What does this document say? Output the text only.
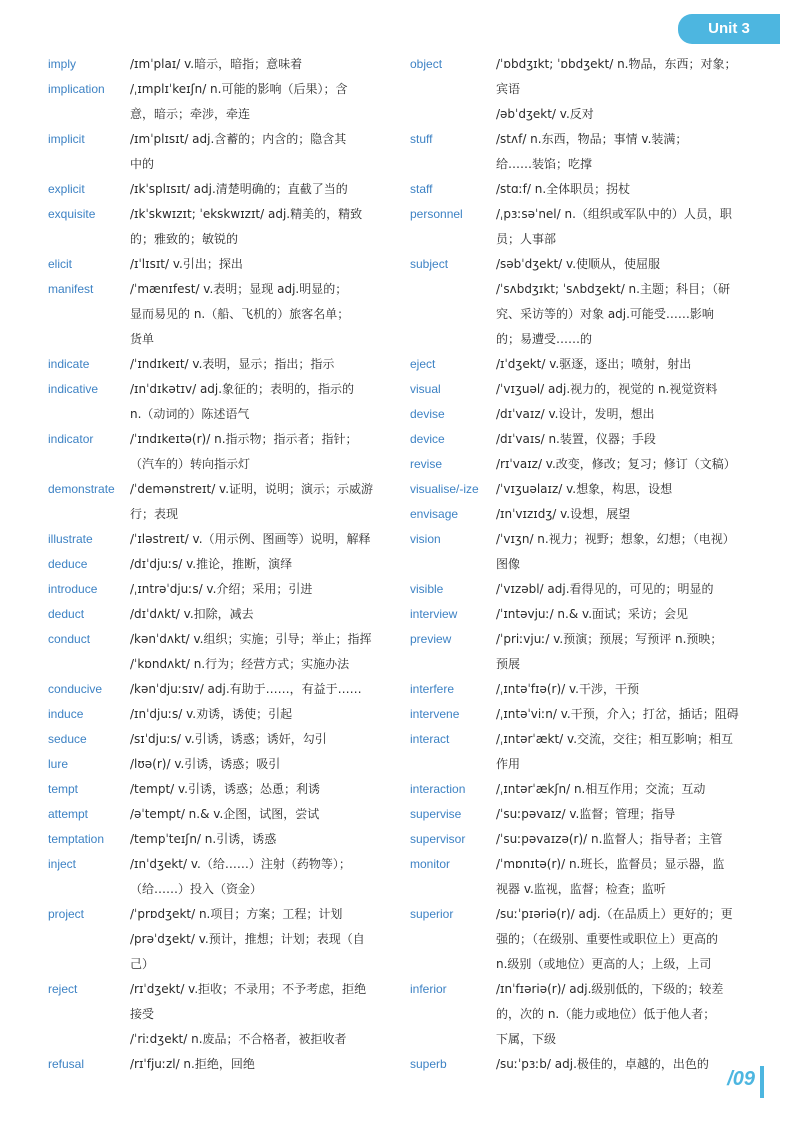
Unit 3
imply	/ɪmˈplaɪ/ v.暗示，暗指；意味着
implication	/ˌɪmplɪˈkeɪʃn/ n.可能的影响（后果）；含
意，暗示；牵涉，牵连
implicit	/ɪmˈplɪsɪt/ adj.含蓄的；内含的；隐含其
中的
explicit	/ɪkˈsplɪsɪt/ adj.清楚明确的；直截了当的
exquisite	/ɪkˈskwɪzɪt; ˈekskwɪzɪt/ adj.精美的，精致
的；雅致的；敏锐的
elicit	/ɪˈlɪsɪt/ v.引出；探出
manifest	/ˈmænɪfest/ v.表明；显现 adj.明显的；
显而易见的 n.（船、飞机的）旅客名单；
货单
indicate	/ˈɪndɪkeɪt/ v.表明，显示；指出；指示
indicative	/ɪnˈdɪkətɪv/ adj.象征的；表明的，指示的
n.（动词的）陈述语气
indicator	/ˈɪndɪkeɪtə(r)/ n.指示物；指示者；指针；
（汽车的）转向指示灯
demonstrate	/ˈdemənstreɪt/ v.证明，说明；演示；示威游
行；表现
illustrate	/ˈɪləstreɪt/ v.（用示例、图画等）说明，解释
deduce	/dɪˈdjuːs/ v.推论，推断，演绎
introduce	/ˌɪntrəˈdjuːs/ v.介绍；采用；引进
deduct	/dɪˈdʌkt/ v.扣除，减去
conduct	/kənˈdʌkt/ v.组织；实施；引导；举止；指挥
/ˈkɒndʌkt/ n.行为；经营方式；实施办法
conducive	/kənˈdjuːsɪv/ adj.有助于……，有益于……
induce	/ɪnˈdjuːs/ v.劝诱，诱使；引起
seduce	/sɪˈdjuːs/ v.引诱，诱惑；诱奸，勾引
lure	/lʊə(r)/ v.引诱，诱惑；吸引
tempt	/tempt/ v.引诱，诱惑；怂恿；利诱
attempt	/əˈtempt/ n.& v.企图，试图，尝试
temptation	/tempˈteɪʃn/ n.引诱，诱惑
inject	/ɪnˈdʒekt/ v.（给……）注射（药物等）；
（给……）投入（资金）
project	/ˈprɒdʒekt/ n.项目；方案；工程；计划
/prəˈdʒekt/ v.预计，推想；计划；表现（自
己）
reject	/rɪˈdʒekt/ v.拒收；不录用；不予考虑，拒绝
接受
/ˈriːdʒekt/ n.废品；不合格者，被拒收者
refusal	/rɪˈfjuːzl/ n.拒绝，回绝
object	/ˈɒbdʒɪkt; ˈɒbdʒekt/ n.物品，东西；对象；
宾语
/əbˈdʒekt/ v.反对
stuff	/stʌf/ n.东西，物品；事情 v.装满；
给……装馅；吃撑
staff	/stɑːf/ n.全体职员；拐杖
personnel	/ˌpɜːsəˈnel/ n.（组织或军队中的）人员，职
员；人事部
subject	/səbˈdʒekt/ v.使顺从，使屈服
/ˈsʌbdʒɪkt; ˈsʌbdʒekt/ n.主题；科目；（研
究、采访等的）对象 adj.可能受……影响
的；易遭受……的
eject	/ɪˈdʒekt/ v.驱逐，逐出；喷射，射出
visual	/ˈvɪʒuəl/ adj.视力的，视觉的 n.视觉资料
devise	/dɪˈvaɪz/ v.设计，发明，想出
device	/dɪˈvaɪs/ n.装置，仪器；手段
revise	/rɪˈvaɪz/ v.改变，修改；复习；修订（文稿）
visualise/-ize	/ˈvɪʒuəlaɪz/ v.想象，构思，设想
envisage	/ɪnˈvɪzɪdʒ/ v.设想，展望
vision	/ˈvɪʒn/ n.视力；视野；想象，幻想；（电视）
图像
visible	/ˈvɪzəbl/ adj.看得见的，可见的；明显的
interview	/ˈɪntəvjuː/ n.& v.面试；采访；会见
preview	/ˈpriːvjuː/ v.预演；预展；写预评 n.预映；
预展
interfere	/ˌɪntəˈfɪə(r)/ v.干涉，干预
intervene	/ˌɪntəˈviːn/ v.干预，介入；打岔，插话；阻碍
interact	/ˌɪntərˈækt/ v.交流，交往；相互影响；相互
作用
interaction	/ˌɪntərˈækʃn/ n.相互作用；交流；互动
supervise	/ˈsuːpəvaɪz/ v.监督；管理；指导
supervisor	/ˈsuːpəvaɪzə(r)/ n.监督人；指导者；主管
monitor	/ˈmɒnɪtə(r)/ n.班长，监督员；显示器，监
视器 v.监视，监督；检查；监听
superior	/suːˈpɪəriə(r)/ adj.（在品质上）更好的；更
强的；（在级别、重要性或职位上）更高的
n.级别（或地位）更高的人；上级，上司
inferior	/ɪnˈfɪəriə(r)/ adj.级别低的，下级的；较差
的，次的 n.（能力或地位）低于他人者；
下属，下级
superb	/suːˈpɜːb/ adj.极佳的，卓越的，出色的
/09
